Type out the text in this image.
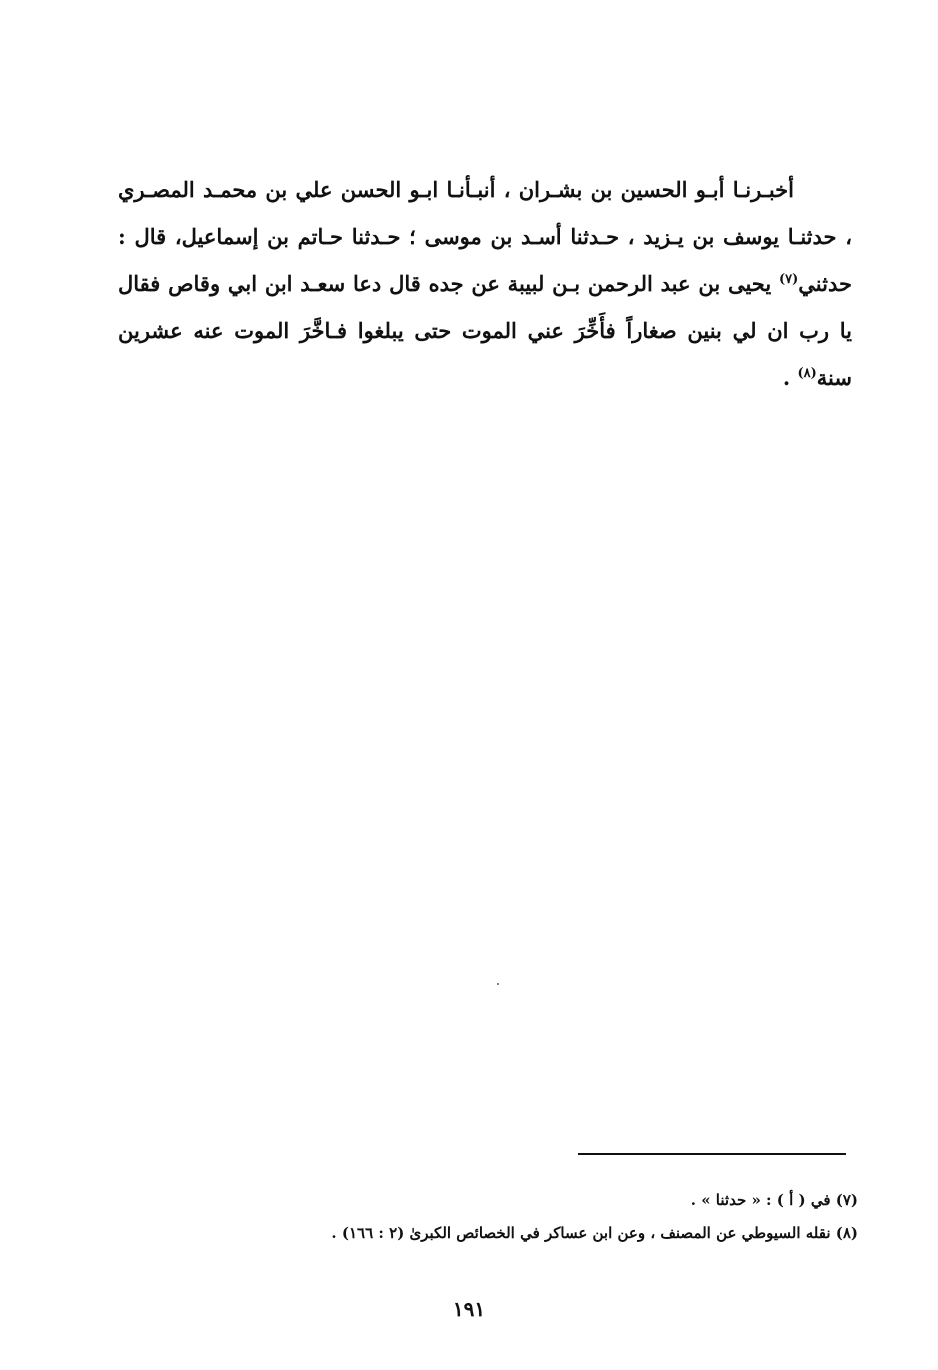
أخبـرنـا أبـو الحسين بن بشـران ، أنبـأنـا ابـو الحسن علي بن محمـد المصـري ، حدثنـا يوسف بن يـزيد ، حـدثنا أسـد بن موسى ؛ حـدثنا حـاتم بن إسماعيل، قال : حدثني$^{(٧)}$ يحيى بن عبد الرحمن بـن لبيبة عن جده قال دعا سعـد ابن ابي وقاص فقال يا رب ان لي بنين صغاراً فأَخِّرَ عني الموت حتى يبلغوا فـاخَّرَ الموت عنه عشرين سنة$^{(٨)}$ .

(٧) في ( أ ) : « حدثنا » .

(٨) نقله السيوطي عن المصنف ، وعن ابن عساكر في الخصائص الكبرىٰ (٢ : ١٦٦) .

١٩١
